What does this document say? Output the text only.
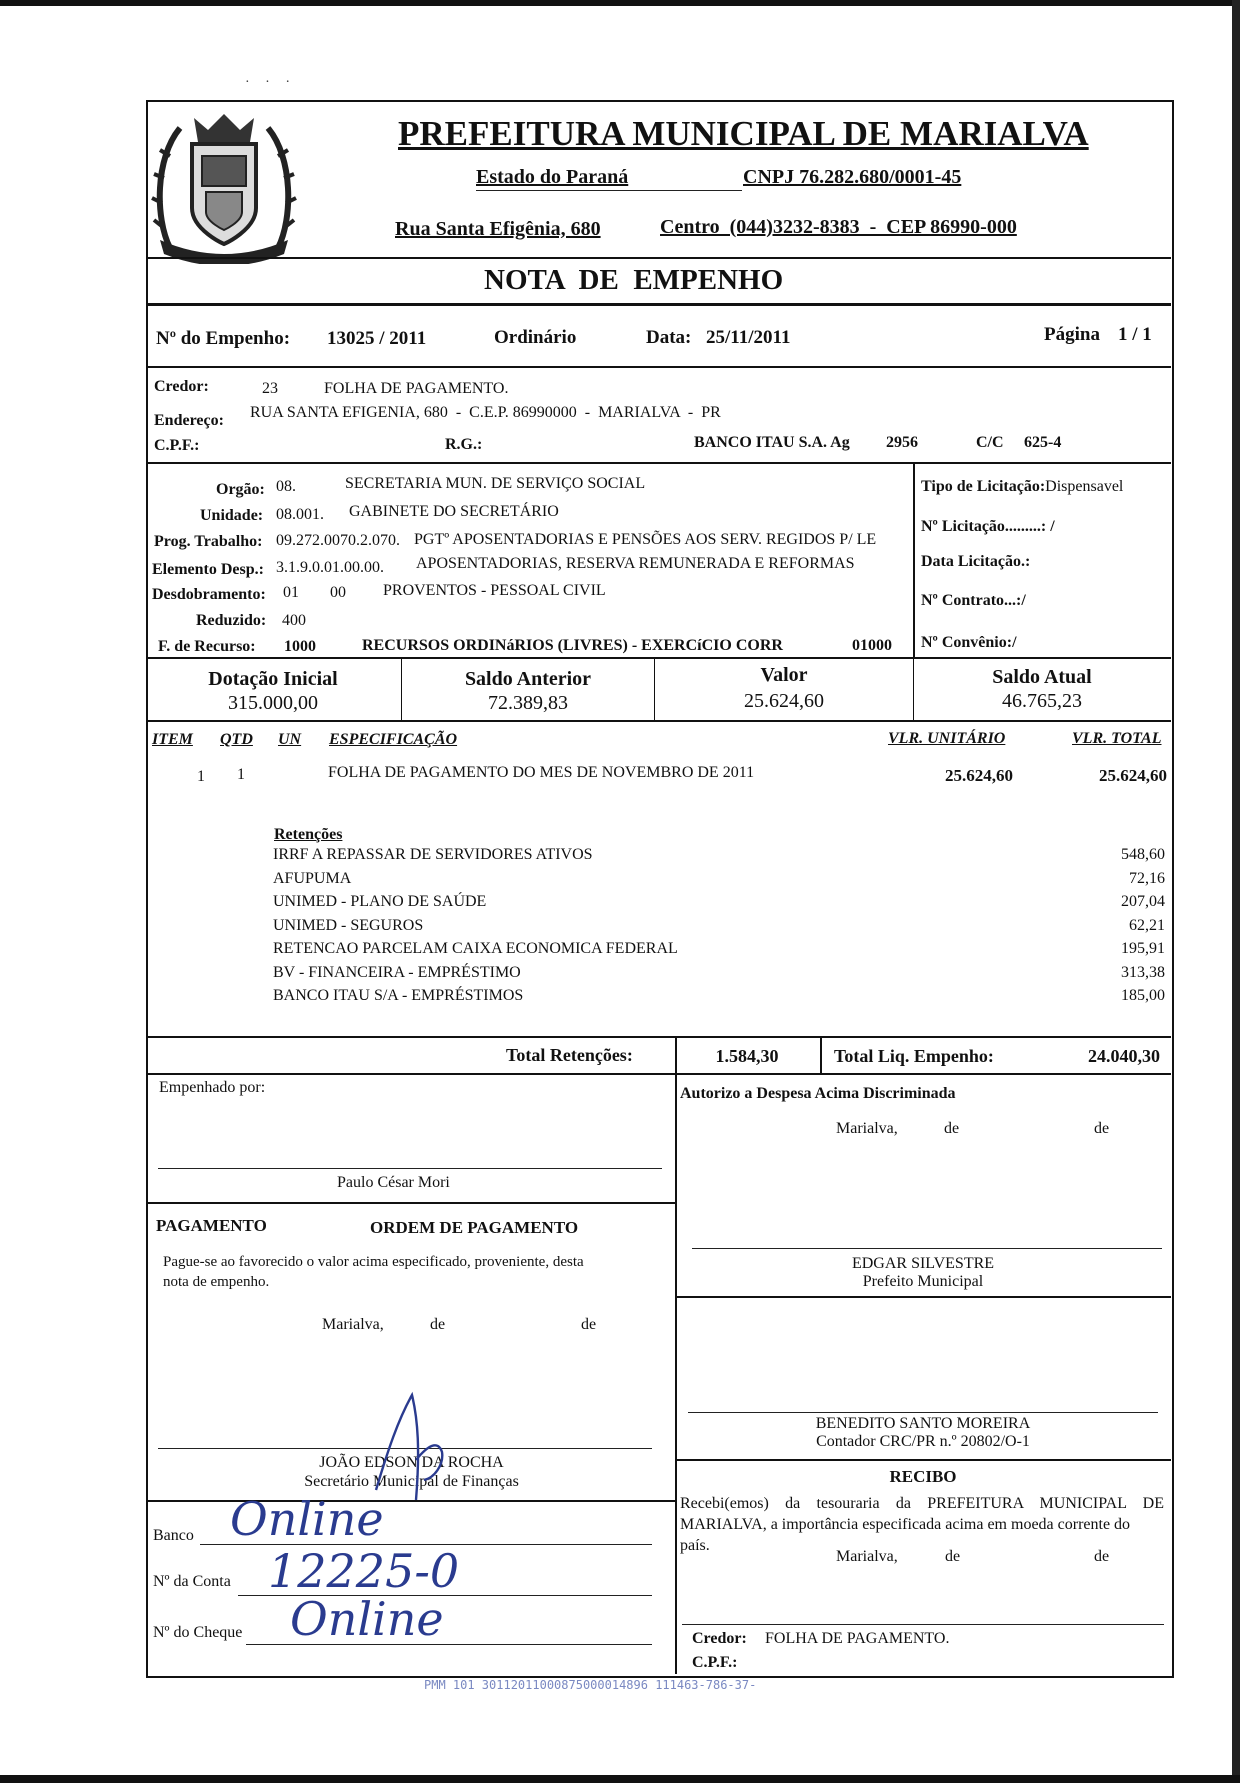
· · ·
PREFEITURA MUNICIPAL DE MARIALVA
Estado do Paraná	CNPJ 76.282.680/0001-45
Rua Santa Efigênia, 680	Centro  (044)3232-8383  -  CEP 86990-000
NOTA  DE  EMPENHO
Nº do Empenho: 13025 / 2011	Ordinário	Data: 25/11/2011	Página 1 / 1
Credor:	23	FOLHA DE PAGAMENTO.
Endereço: RUA SANTA EFIGENIA, 680  -  C.E.P. 86990000  -  MARIALVA  -  PR
C.P.F.:	R.G.:	BANCO ITAU S.A. Ag 2956	C/C 625-4
Orgão: 08.	SECRETARIA MUN. DE SERVIÇO SOCIAL
Unidade: 08.001. GABINETE DO SECRETÁRIO
Prog. Trabalho: 09.272.0070.2.070. PGTº APOSENTADORIAS E PENSÕES AOS SERV. REGIDOS P/ LE
Elemento Desp.: 3.1.9.0.01.00.00. APOSENTADORIAS, RESERVA REMUNERADA E REFORMAS
Desdobramento: 01 00 PROVENTOS - PESSOAL CIVIL
Reduzido: 400
F. de Recurso: 1000	RECURSOS ORDINáRIOS (LIVRES) - EXERCíCIO CORR	01000
Tipo de Licitação:Dispensavel
Nº Licitação.........: /
Data Licitação.:
Nº Contrato...:/
Nº Convênio:/
Dotação Inicial
315.000,00
Saldo Anterior
72.389,83
Valor
25.624,60
Saldo Atual
46.765,23
ITEM QTD UN ESPECIFICAÇÃO	VLR. UNITÁRIO	VLR. TOTAL
1 1	FOLHA DE PAGAMENTO DO MES DE NOVEMBRO DE 2011	25.624,60	25.624,60
Retenções
IRRF A REPASSAR DE SERVIDORES ATIVOS	548,60
AFUPUMA	72,16
UNIMED - PLANO DE SAÚDE	207,04
UNIMED - SEGUROS	62,21
RETENCAO PARCELAM CAIXA ECONOMICA FEDERAL	195,91
BV - FINANCEIRA - EMPRÉSTIMO	313,38
BANCO ITAU S/A - EMPRÉSTIMOS	185,00
Total Retenções:	1.584,30	Total Liq. Empenho:	24.040,30
Empenhado por:
Paulo César Mori
Autorizo a Despesa Acima Discriminada
Marialva,	de	de
EDGAR SILVESTRE
Prefeito Municipal
PAGAMENTO	ORDEM DE PAGAMENTO
Pague-se ao favorecido o valor acima especificado, proveniente, desta
nota de empenho.
Marialva,	de	de
BENEDITO SANTO MOREIRA
Contador CRC/PR n.º 20802/O-1
JOÃO EDSON DA ROCHA
Secretário Municipal de Finanças	RECIBO
Recebi(emos) da tesouraria da PREFEITURA MUNICIPAL DE
MARIALVA, a importância especificada acima em moeda corrente do
país.
Marialva,	de	de
Banco Online
Nº da Conta 12225-0
Nº do Cheque Online	Credor: FOLHA DE PAGAMENTO.
C.P.F.:
PMM 101 30112011000875000014896 111463-786-37-
